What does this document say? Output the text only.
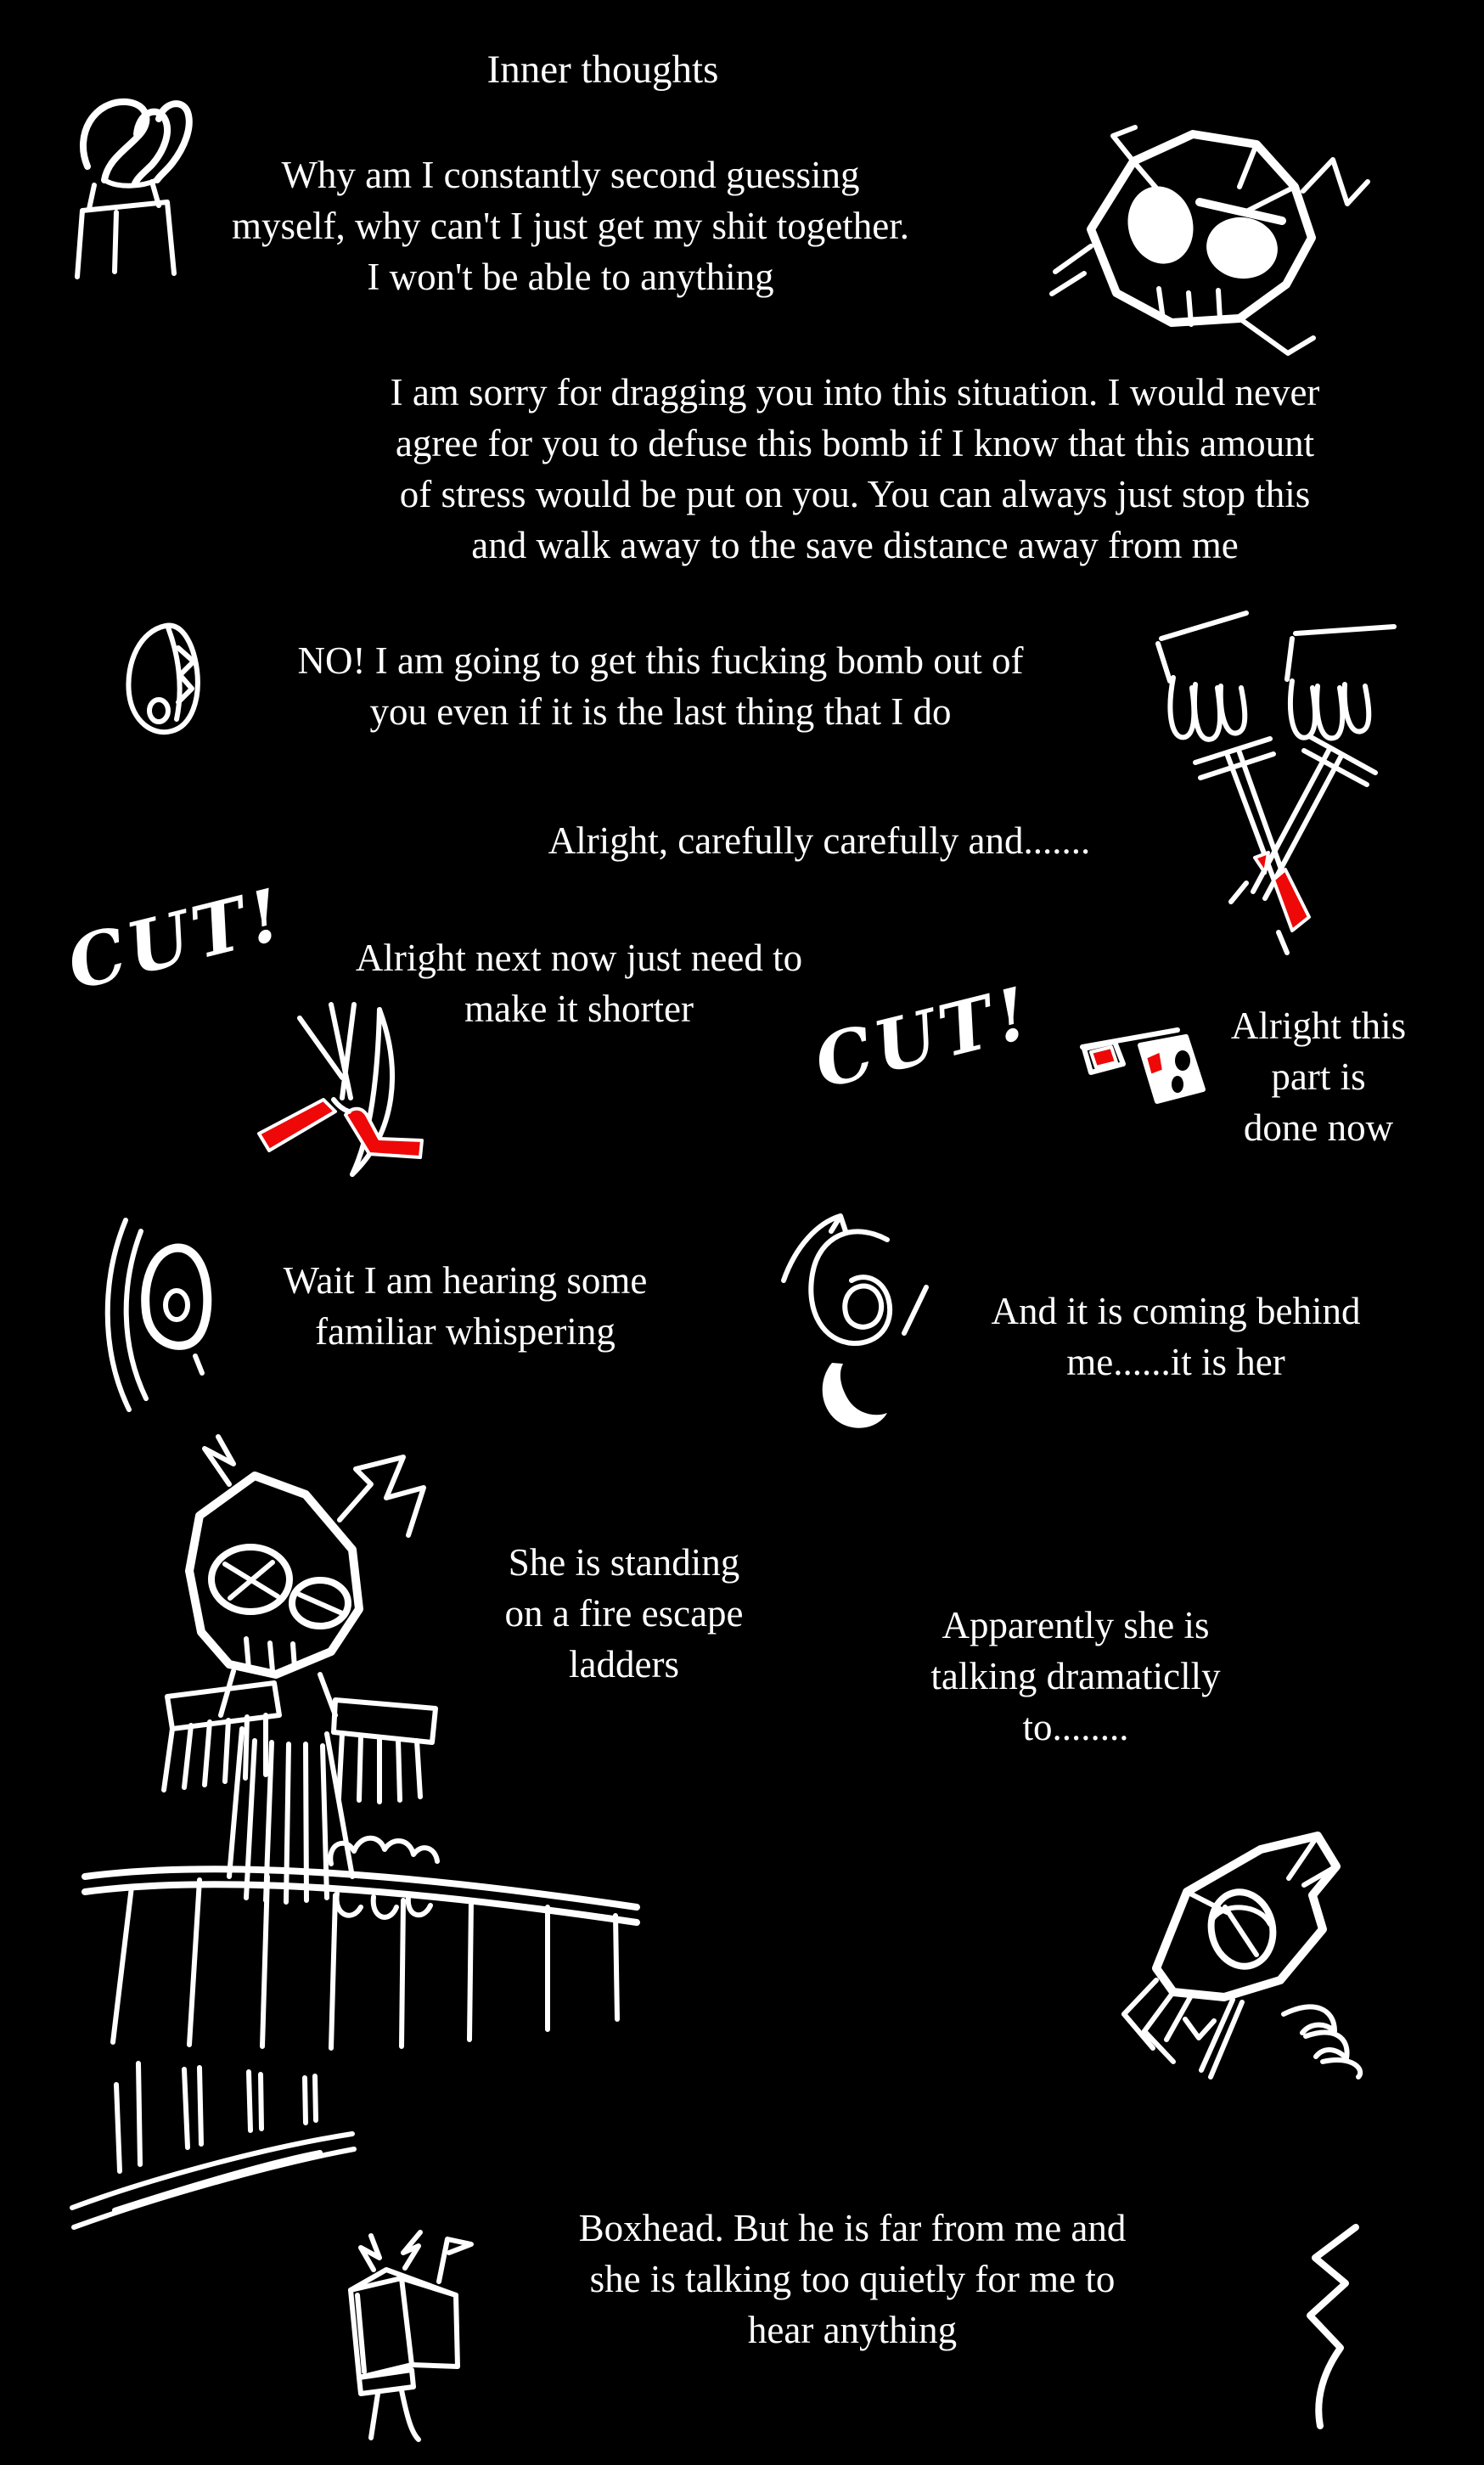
Inner thoughts
Why am I constantly second guessing
myself, why can't I just get my shit together.
I won't be able to anything
I am sorry for dragging you into this situation. I would never
agree for you to defuse this bomb if I know that this amount
of stress would be put on you. You can always just stop this
and walk away to the save distance away from me
NO! I am going to get this fucking bomb out of
you even if it is the last thing that I do
Alright, carefully carefully and.......
CUT! Alright next now just need to
make it shorter	CUT!	Alright this
part is
done now
Wait I am hearing some
familiar whispering	And it is coming behind
me......it is her
She is standing
on a fire escape
ladders
Apparently she is
talking dramaticlly
to........
Boxhead. But he is far from me and
she is talking too quietly for me to
hear anything
